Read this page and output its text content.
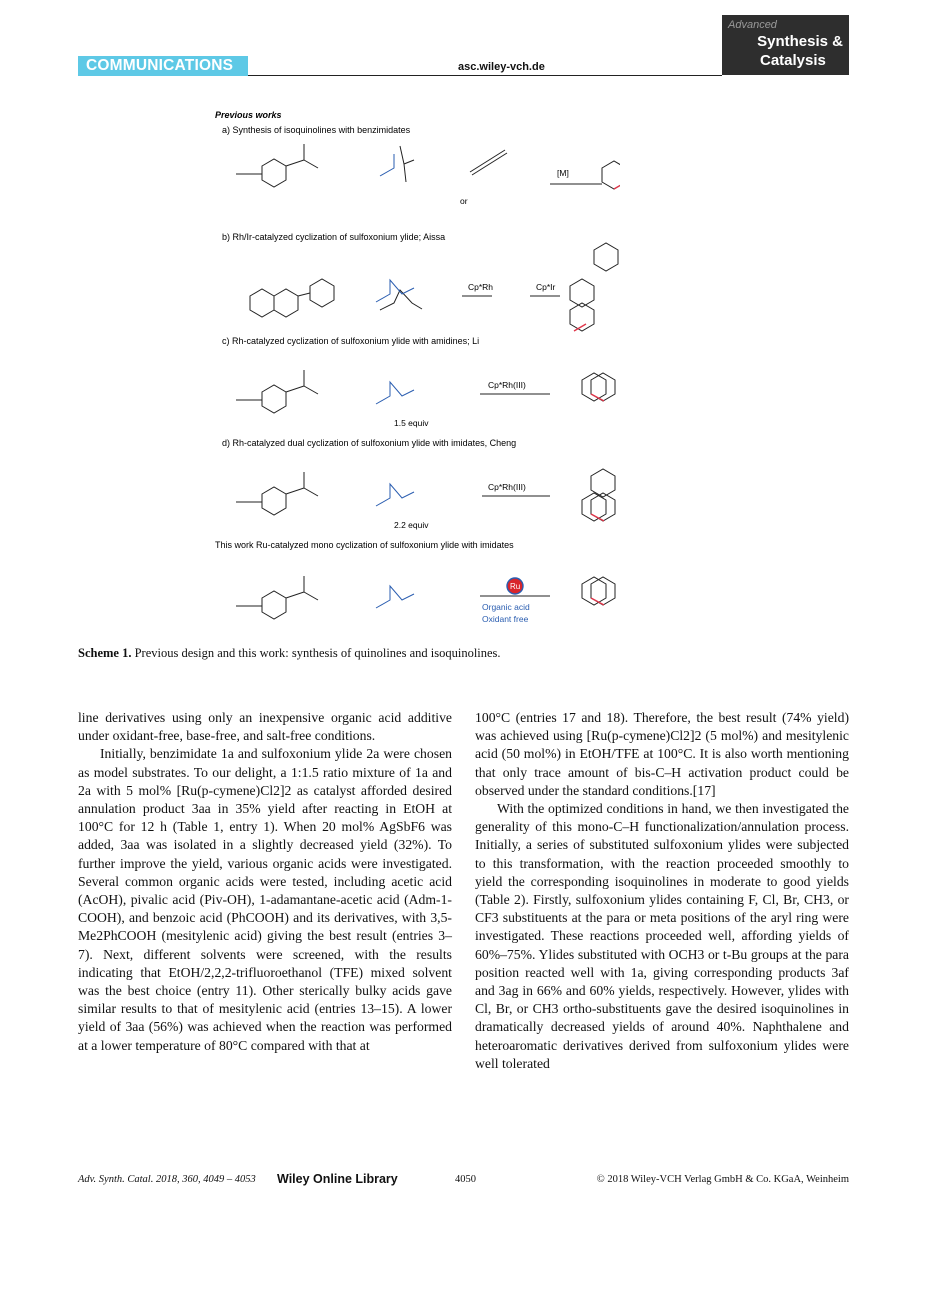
COMMUNICATIONS	asc.wiley-vch.de
Advanced
Synthesis &
Catalysis
Ru
Previous works
a) Synthesis of isoquinolines with benzimidates
b) Rh/Ir-catalyzed cyclization of sulfoxonium ylide; Aissa
c) Rh-catalyzed cyclization of sulfoxonium ylide with amidines; Li
d) Rh-catalyzed dual cyclization of sulfoxonium ylide with imidates, Cheng
This work Ru-catalyzed mono cyclization of sulfoxonium ylide with imidates
[M]
or
Cp*Rh	Cp*Ir
Cp*Rh(III)
1.5 equiv
Cp*Rh(III)
2.2 equiv
Organic acid
Oxidant free
Scheme 1. Previous design and this work: synthesis of quinolines and isoquinolines.

line derivatives using only an inexpensive organic acid additive under oxidant-free, base-free, and salt-free conditions.

Initially, benzimidate 1a and sulfoxonium ylide 2a were chosen as model substrates. To our delight, a 1:1.5 ratio mixture of 1a and 2a with 5 mol% [Ru(p-cymene)Cl2]2 as catalyst afforded desired annulation product 3aa in 35% yield after reacting in EtOH at 100°C for 12 h (Table 1, entry 1). When 20 mol% AgSbF6 was added, 3aa was isolated in a slightly decreased yield (32%). To further improve the yield, various organic acids were investigated. Several common organic acids were tested, including acetic acid (AcOH), pivalic acid (Piv-OH), 1-adamantane-acetic acid (Adm-1-COOH), and benzoic acid (PhCOOH) and its derivatives, with 3,5-Me2PhCOOH (mesitylenic acid) giving the best result (entries 3–7). Next, different solvents were screened, with the results indicating that EtOH/2,2,2-trifluoroethanol (TFE) mixed solvent was the best choice (entry 11). Other sterically bulky acids gave similar results to that of mesitylenic acid (entries 13–15). A lower yield of 3aa (56%) was achieved when the reaction was performed at a lower temperature of 80°C compared with that at

100°C (entries 17 and 18). Therefore, the best result (74% yield) was achieved using [Ru(p-cymene)Cl2]2 (5 mol%) and mesitylenic acid (50 mol%) in EtOH/TFE at 100°C. It is also worth mentioning that only trace amount of bis-C–H activation product could be observed under the standard conditions.[17]

With the optimized conditions in hand, we then investigated the generality of this mono-C–H functionalization/annulation process. Initially, a series of substituted sulfoxonium ylides were subjected to this transformation, with the reaction proceeded smoothly to yield the corresponding isoquinolines in moderate to good yields (Table 2). Firstly, sulfoxonium ylides containing F, Cl, Br, CH3, or CF3 substituents at the para or meta positions of the aryl ring were investigated. These reactions proceeded well, affording yields of 60%–75%. Ylides substituted with OCH3 or t-Bu groups at the para position reacted well with 1a, giving corresponding products 3af and 3ag in 66% and 60% yields, respectively. However, ylides with Cl, Br, or CH3 ortho-substituents gave the desired isoquinolines in dramatically decreased yields of around 40%. Naphthalene and heteroaromatic derivatives derived from sulfoxonium ylides were well tolerated

Adv. Synth. Catal. 2018, 360, 4049 – 4053 Wiley Online Library	4050	© 2018 Wiley-VCH Verlag GmbH & Co. KGaA, Weinheim
